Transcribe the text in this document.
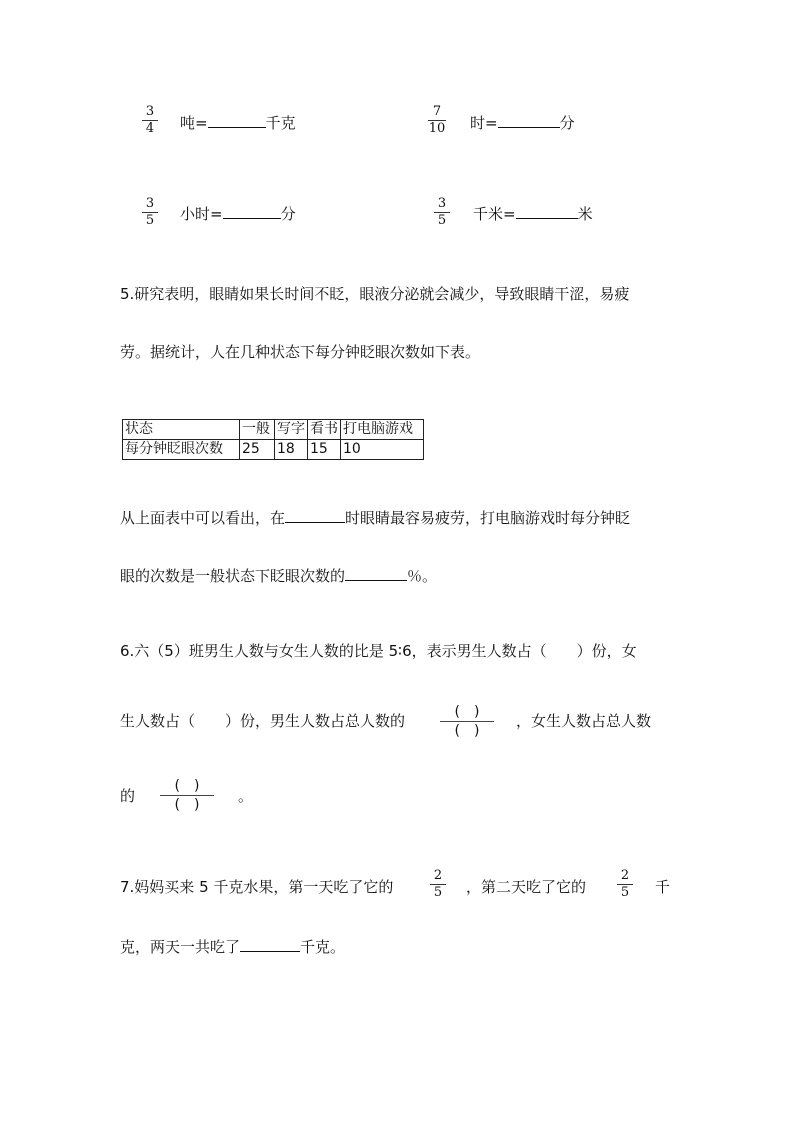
3
4	吨=	千克
7
10 时=	分
3
5	小时=	分
3
5	千米=	米
5.研究表明，眼睛如果长时间不眨，眼液分泌就会减少，导致眼睛干涩，易疲
劳。据统计，人在几种状态下每分钟眨眼次数如下表。
状态	一般	写字	看书	打电脑游戏
每分钟眨眼次数	25	18	15	10
从上面表中可以看出，在	时眼睛最容易疲劳，打电脑游戏时每分钟眨
眼的次数是一般状态下眨眼次数的	％。
6.六（5）班男生人数与女生人数的比是 5∶6，表示男生人数占（　　）份，女
生人数占（　　）份，男生人数占总人数的	(　)
(　)
，女生人数占总人数
的
(　)
(　)	。
7.妈妈买来 5 千克水果，第一天吃了它的
2
5	，第二天吃了它的
2
5	千
克，两天一共吃了	千克。
